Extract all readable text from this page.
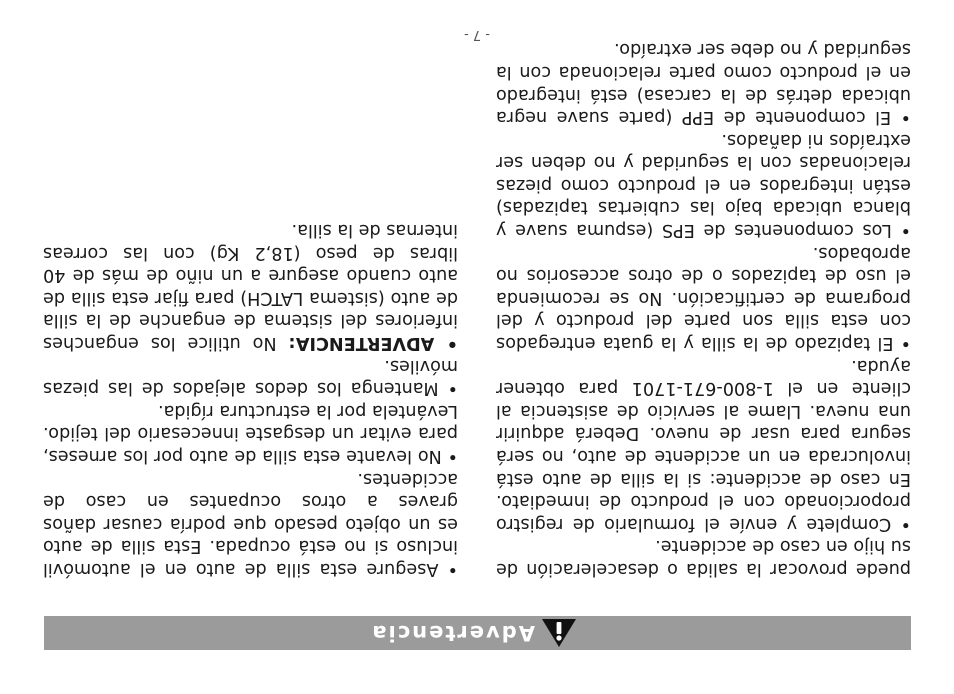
Advertencia

puede provocar la salida o desaceleración de su hijo en caso de accidente.

• Complete y envíe el formulario de registro proporcionado con el producto de inmediato. En caso de accidente: si la silla de auto está involucrada en un accidente de auto, no será segura para usar de nuevo. Deberá adquirir una nueva. Llame al servicio de asistencia al cliente en el 1-800-671-1701 para obtener ayuda.

• El tapizado de la silla y la guata entregados con esta silla son parte del producto y del programa de certificación. No se recomienda el uso de tapizados o de otros accesorios no aprobados.

• Los componentes de EPS (espuma suave y blanca ubicada bajo las cubiertas tapizadas) están integrados en el producto como piezas relacionadas con la seguridad y no deben ser extraídos ni dañados.

• El componente de EPP (parte suave negra ubicada detrás de la carcasa) está integrado en el producto como parte relacionada con la seguridad y no debe ser extraído.

• Asegure esta silla de auto en el automóvil incluso si no está ocupada. Esta silla de auto es un objeto pesado que podría causar daños graves a otros ocupantes en caso de accidentes.

• No levante esta silla de auto por los arneses, para evitar un desgaste innecesario del tejido. Levántela por la estructura rígida.

• Mantenga los dedos alejados de las piezas móviles.

• ADVERTENCIA: No utilice los enganches inferiores del sistema de enganche de la silla de auto (sistema LATCH) para fijar esta silla de auto cuando asegure a un niño de más de 40 libras de peso (18,2 Kg) con las correas internas de la silla.

- 7 -
